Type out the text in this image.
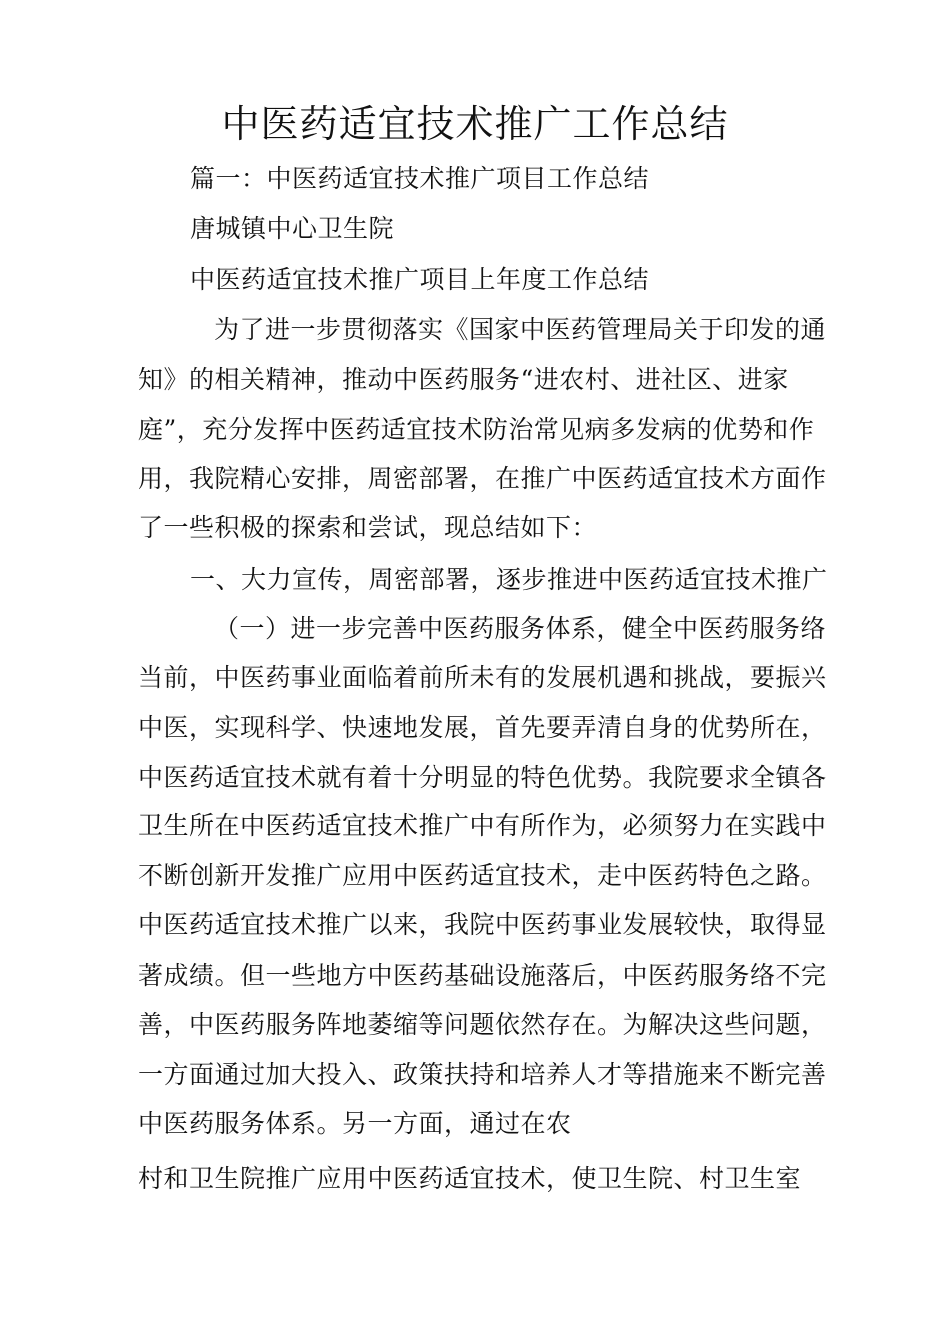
中医药适宜技术推广工作总结
篇一：中医药适宜技术推广项目工作总结
唐城镇中心卫生院
中医药适宜技术推广项目上年度工作总结
为了进一步贯彻落实《国家中医药管理局关于印发的通
知》的相关精神，推动中医药服务“进农村、进社区、进家
庭”，充分发挥中医药适宜技术防治常见病多发病的优势和作
用，我院精心安排，周密部署，在推广中医药适宜技术方面作
了一些积极的探索和尝试，现总结如下：
一、大力宣传，周密部署，逐步推进中医药适宜技术推广
（一）进一步完善中医药服务体系，健全中医药服务络
当前，中医药事业面临着前所未有的发展机遇和挑战，要振兴
中医，实现科学、快速地发展，首先要弄清自身的优势所在，
中医药适宜技术就有着十分明显的特色优势。我院要求全镇各
卫生所在中医药适宜技术推广中有所作为，必须努力在实践中
不断创新开发推广应用中医药适宜技术，走中医药特色之路。
中医药适宜技术推广以来，我院中医药事业发展较快，取得显
著成绩。但一些地方中医药基础设施落后，中医药服务络不完
善，中医药服务阵地萎缩等问题依然存在。为解决这些问题，
一方面通过加大投入、政策扶持和培养人才等措施来不断完善
中医药服务体系。另一方面，通过在农
村和卫生院推广应用中医药适宜技术，使卫生院、村卫生室
